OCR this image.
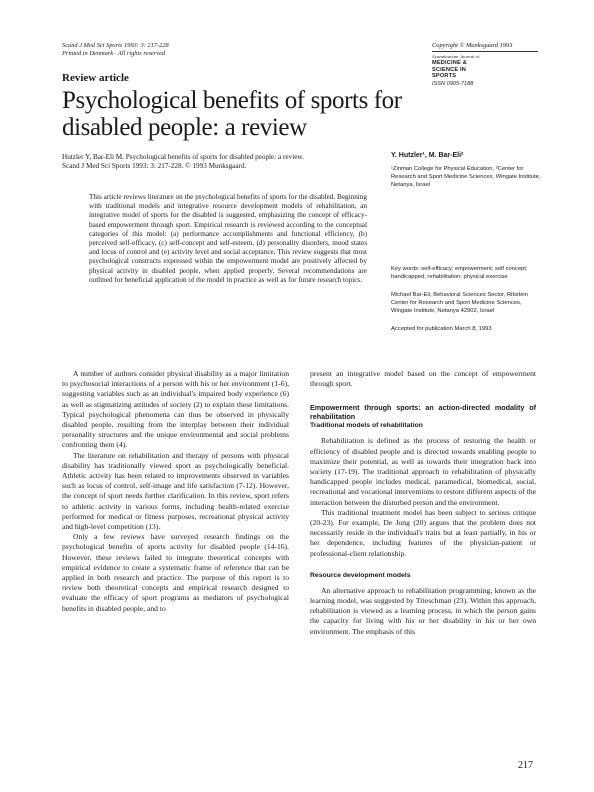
Scand J Med Sci Sports 1993: 3: 217-228
Printed in Denmark · All rights reserved
Copyright © Munksgaard 1993
Scandinavian Journal of
MEDICINE &
SCIENCE IN
SPORTS
ISSN 0905-7188
Review article
Psychological benefits of sports for disabled people: a review
Hutzler Y, Bar-Eli M. Psychological benefits of sports for disabled people: a review.
Scand J Med Sci Sports 1993: 3: 217-228. © 1993 Munksgaard.
This article reviews literature on the psychological benefits of sports for the disabled. Beginning with traditional models and integrative resource development models of rehabilitation, an integrative model of sports for the disabled is suggested, emphasizing the concept of efficacy-based empowerment through sport. Empirical research is reviewed according to the conceptual categories of this model: (a) performance accomplishments and functional efficiency, (b) perceived self-efficacy, (c) self-concept and self-esteem, (d) personality disorders, mood states and locus of control and (e) activity level and social acceptance. This review suggests that most psychological constructs expressed within the empowerment model are positively affected by physical activity in disabled people, when applied properly. Several recommendations are outlined for beneficial application of the model in practice as well as for future research topics.
Y. Hutzler¹, M. Bar-Eli²
¹Zinman College for Physical Education, ²Center for Research and Sport Medicine Sciences, Wingate Institute, Netanya, Israel
Key words: self-efficacy; empowerment; self concept; handicapped; rehabilitation; physical exercise
Michael Bar-Eli, Behavioral Sciences Sector, Ribstein Center for Research and Sport Medicine Sciences, Wingate Institute, Netanya 42902, Israel
Accepted for publication March 8, 1993

A number of authors consider physical disability as a major limitation to psychosocial interactions of a person with his or her environment (1-6), suggesting variables such as an individual's impaired body experience (6) as well as stigmatizing attitudes of society (2) to explain these limitations. Typical psychological phenomena can thus be observed in physically disabled people, resulting from the interplay between their individual personality structures and the unique environmental and social problems confronting them (4).

The literature on rehabilitation and therapy of persons with physical disability has traditionally viewed sport as psychologically beneficial. Athletic activity has been related to improvements observed in variables such as locus of control, self-image and life satisfaction (7-12). However, the concept of sport needs further clarification. In this review, sport refers to athletic activity in various forms, including health-related exercise performed for medical or fitness purposes, recreational physical activity and high-level competition (13).

Only a few reviews have surveyed research findings on the psychological benefits of sports activity for disabled people (14-16). However, these reviews failed to integrate theoretical concepts with empirical evidence to create a systematic frame of reference that can be applied in both research and practice. The purpose of this report is to review both theoretical concepts and empirical research designed to evaluate the efficacy of sport programs as mediators of psychological benefits in disabled people, and to

present an integrative model based on the concept of empowerment through sport.

Empowerment through sports: an action-directed modality of rehabilitation
Traditional models of rehabilitation

Rehabilitation is defined as the process of restoring the health or efficiency of disabled people and is directed towards enabling people to maximize their potential, as well as towards their integration back into society (17-19). The traditional approach to rehabilitation of physically handicapped people includes medical, paramedical, biomedical, social, recreational and vocational interventions to restore different aspects of the interaction between the disturbed person and the environment.

This traditional treatment model has been subject to serious critique (20-23). For example, De Jong (20) argues that the problem does not necessarily reside in the individual's traits but at least partially, in his or her dependence, including features of the physician-patient or professional-client relationship.

Resource development models

An alternative approach to rehabilitation programming, known as the learning model, was suggested by Trieschman (23). Within this approach, rehabilitation is viewed as a learning process, in which the person gains the capacity for living with his or her disability in his or her own environment. The emphasis of this

217
